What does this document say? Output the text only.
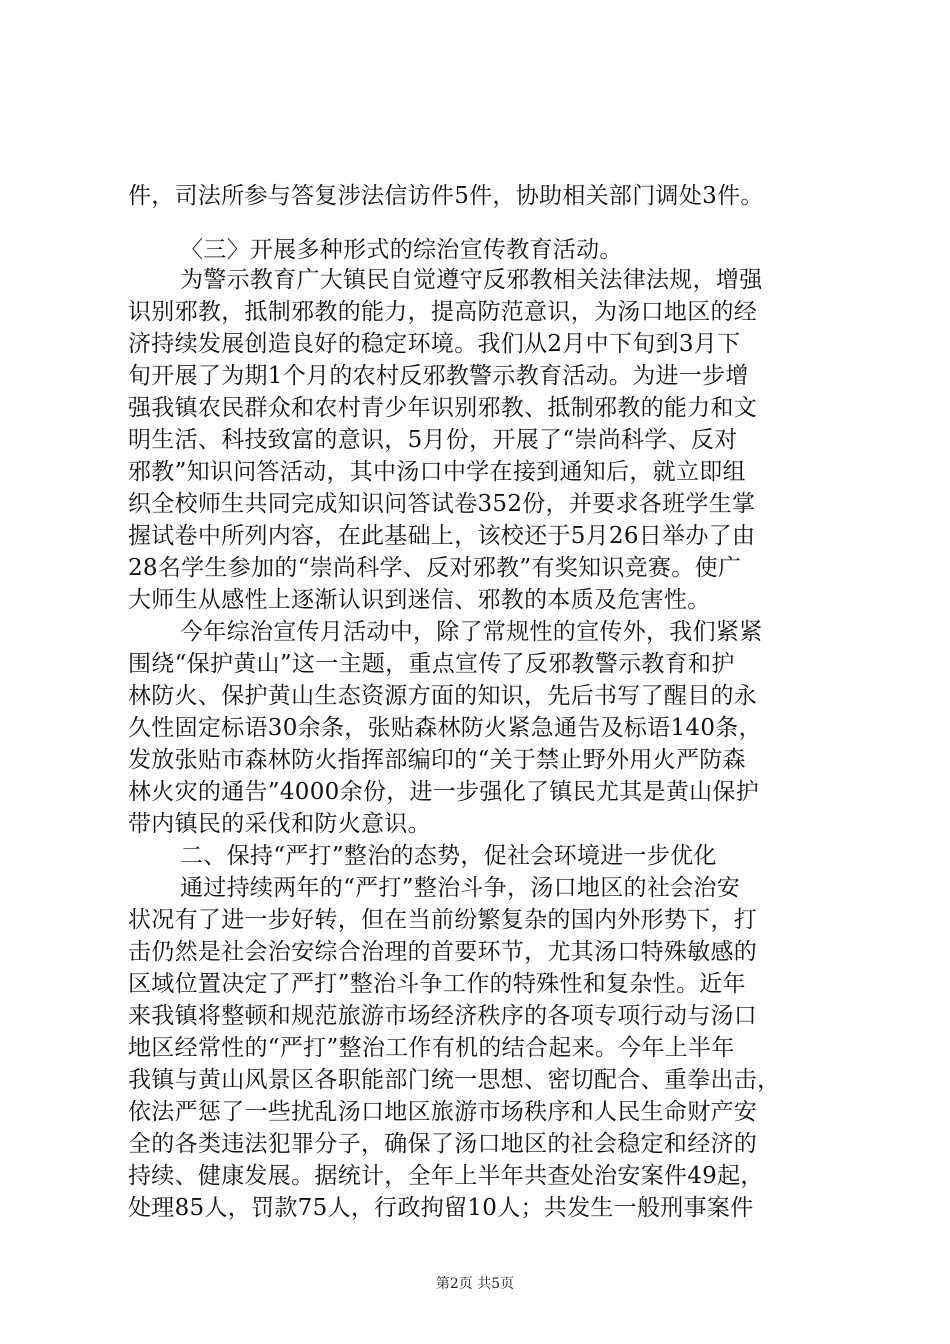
件，司法所参与答复涉法信访件5件，协助相关部门调处3件。
〈三〉开展多种形式的综治宣传教育活动。
为警示教育广大镇民自觉遵守反邪教相关法律法规，增强
识别邪教，抵制邪教的能力，提高防范意识，为汤口地区的经
济持续发展创造良好的稳定环境。我们从2月中下旬到3月下
旬开展了为期1个月的农村反邪教警示教育活动。为进一步增
强我镇农民群众和农村青少年识别邪教、抵制邪教的能力和文
明生活、科技致富的意识，5月份，开展了“崇尚科学、反对
邪教”知识问答活动，其中汤口中学在接到通知后，就立即组
织全校师生共同完成知识问答试卷352份，并要求各班学生掌
握试卷中所列内容，在此基础上，该校还于5月26日举办了由
28名学生参加的“崇尚科学、反对邪教”有奖知识竞赛。使广
大师生从感性上逐渐认识到迷信、邪教的本质及危害性。
今年综治宣传月活动中，除了常规性的宣传外，我们紧紧
围绕“保护黄山”这一主题，重点宣传了反邪教警示教育和护
林防火、保护黄山生态资源方面的知识，先后书写了醒目的永
久性固定标语30余条，张贴森林防火紧急通告及标语140条，
发放张贴市森林防火指挥部编印的“关于禁止野外用火严防森
林火灾的通告”4000余份，进一步强化了镇民尤其是黄山保护
带内镇民的采伐和防火意识。
二、保持“严打”整治的态势，促社会环境进一步优化
通过持续两年的“严打”整治斗争，汤口地区的社会治安
状况有了进一步好转，但在当前纷繁复杂的国内外形势下，打
击仍然是社会治安综合治理的首要环节，尤其汤口特殊敏感的
区域位置决定了严打”整治斗争工作的特殊性和复杂性。近年
来我镇将整顿和规范旅游市场经济秩序的各项专项行动与汤口
地区经常性的“严打”整治工作有机的结合起来。今年上半年
我镇与黄山风景区各职能部门统一思想、密切配合、重拳出击，
依法严惩了一些扰乱汤口地区旅游市场秩序和人民生命财产安
全的各类违法犯罪分子，确保了汤口地区的社会稳定和经济的
持续、健康发展。据统计，全年上半年共查处治安案件49起，
处理85人，罚款75人，行政拘留10人；共发生一般刑事案件
第2页 共5页
